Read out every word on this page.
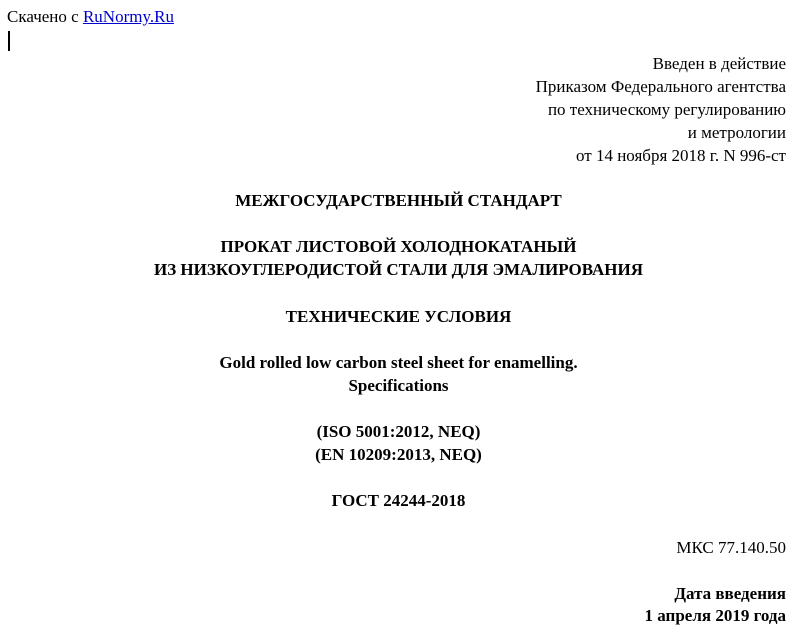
Скачено с RuNormy.Ru
Введен в действие
Приказом Федерального агентства
по техническому регулированию
и метрологии
от 14 ноября 2018 г. N 996-ст
МЕЖГОСУДАРСТВЕННЫЙ СТАНДАРТ
ПРОКАТ ЛИСТОВОЙ ХОЛОДНОКАТАНЫЙ
ИЗ НИЗКОУГЛЕРОДИСТОЙ СТАЛИ ДЛЯ ЭМАЛИРОВАНИЯ
ТЕХНИЧЕСКИЕ УСЛОВИЯ
Gold rolled low carbon steel sheet for enamelling.
Specifications
(ISO 5001:2012, NEQ)
(EN 10209:2013, NEQ)
ГОСТ 24244-2018
МКС 77.140.50
Дата введения
1 апреля 2019 года
